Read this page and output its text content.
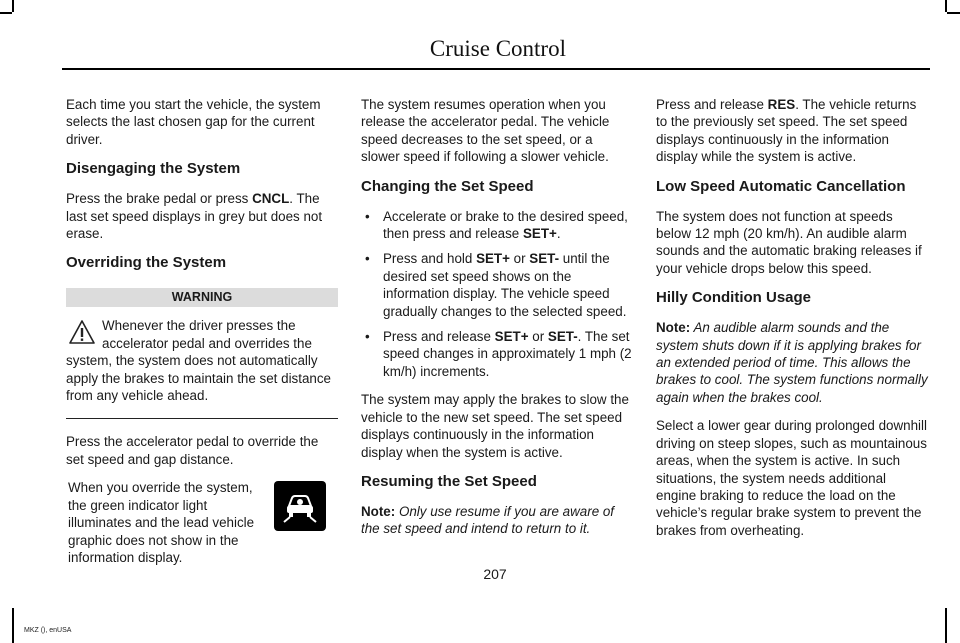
Cruise Control

Each time you start the vehicle, the system selects the last chosen gap for the current driver.

Disengaging the System

Press the brake pedal or press CNCL. The last set speed displays in grey but does not erase.

Overriding the System
WARNING
Whenever the driver presses the accelerator pedal and overrides the system, the system does not automatically apply the brakes to maintain the set distance from any vehicle ahead.

Press the accelerator pedal to override the set speed and gap distance.

When you override the system, the green indicator light illuminates and the lead vehicle graphic does not show in the information display.

The system resumes operation when you release the accelerator pedal. The vehicle speed decreases to the set speed, or a slower speed if following a slower vehicle.

Changing the Set Speed
• Accelerate or brake to the desired speed, then press and release SET+.
• Press and hold SET+ or SET- until the desired set speed shows on the information display. The vehicle speed gradually changes to the selected speed.
• Press and release SET+ or SET-. The set speed changes in approximately 1 mph (2 km/h) increments.

The system may apply the brakes to slow the vehicle to the new set speed. The set speed displays continuously in the information display when the system is active.

Resuming the Set Speed

Note: Only use resume if you are aware of the set speed and intend to return to it.

Press and release RES. The vehicle returns to the previously set speed. The set speed displays continuously in the information display while the system is active.

Low Speed Automatic Cancellation

The system does not function at speeds below 12 mph (20 km/h). An audible alarm sounds and the automatic braking releases if your vehicle drops below this speed.

Hilly Condition Usage

Note: An audible alarm sounds and the system shuts down if it is applying brakes for an extended period of time. This allows the brakes to cool. The system functions normally again when the brakes cool.

Select a lower gear during prolonged downhill driving on steep slopes, such as mountainous areas, when the system is active. In such situations, the system needs additional engine braking to reduce the load on the vehicle’s regular brake system to prevent the brakes from overheating.

207
MKZ (), enUSA
